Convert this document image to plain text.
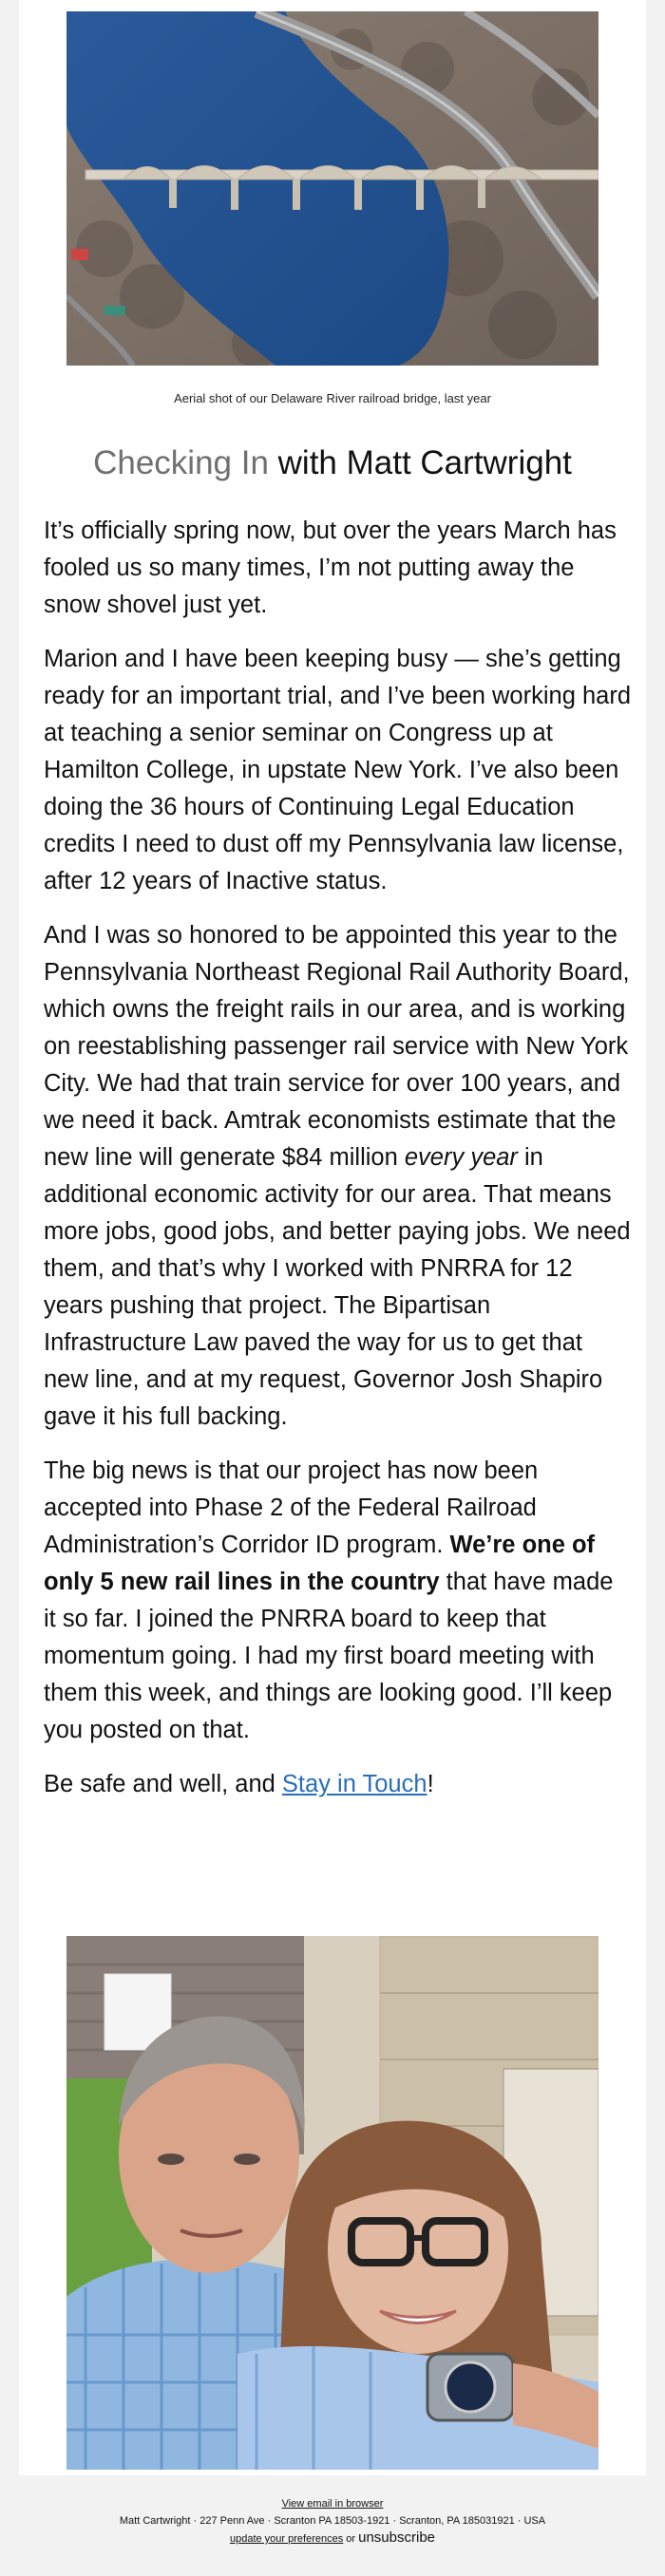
Aerial shot of our Delaware River railroad bridge, last year
Checking In with Matt Cartwright

It’s officially spring now, but over the years March has fooled us so many times, I’m not putting away the snow shovel just yet.

Marion and I have been keeping busy — she’s getting ready for an important trial, and I’ve been working hard at teaching a senior seminar on Congress up at Hamilton College, in upstate New York. I’ve also been doing the 36 hours of Continuing Legal Education credits I need to dust off my Pennsylvania law license, after 12 years of Inactive status.

And I was so honored to be appointed this year to the Pennsylvania Northeast Regional Rail Authority Board, which owns the freight rails in our area, and is working on reestablishing passenger rail service with New York City. We had that train service for over 100 years, and we need it back. Amtrak economists estimate that the new line will generate $84 million every year in additional economic activity for our area. That means more jobs, good jobs, and better paying jobs. We need them, and that’s why I worked with PNRRA for 12 years pushing that project. The Bipartisan Infrastructure Law paved the way for us to get that new line, and at my request, Governor Josh Shapiro gave it his full backing.

The big news is that our project has now been accepted into Phase 2 of the Federal Railroad Administration’s Corridor ID program. We’re one of only 5 new rail lines in the country that have made it so far. I joined the PNRRA board to keep that momentum going. I had my first board meeting with them this week, and things are looking good. I’ll keep you posted on that.

Be safe and well, and Stay in Touch!

View email in browser
Matt Cartwright · 227 Penn Ave · Scranton PA 18503-1921 · Scranton, PA 185031921 · USA
update your preferences or unsubscribe
